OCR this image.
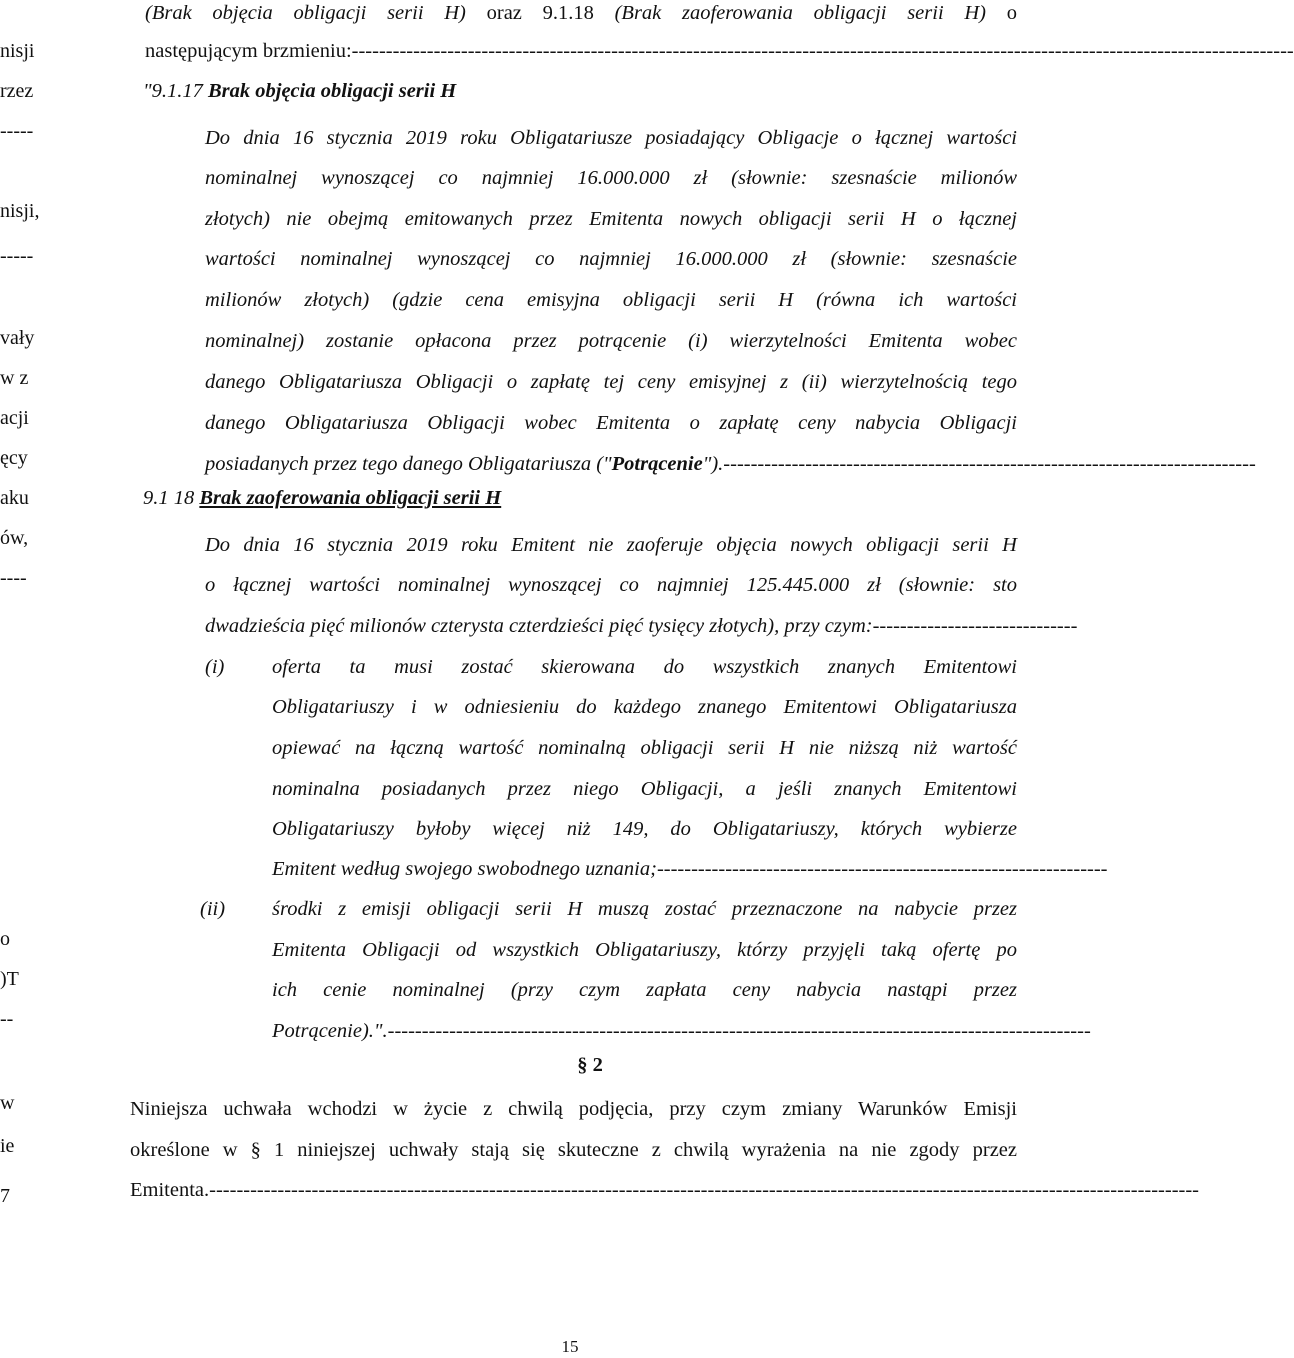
nisji
rzez
-----
nisji,
-----
vały
w z
acji
ęcy
aku
ów,
----
o
)T
--
w
ie
7
(Brak objęcia obligacji serii H) oraz 9.1.18 (Brak zaoferowania obligacji serii H) o
następującym brzmieniu: ------------------------------------------------------------------------------------------------------------------------------------------
"9.1.17 Brak objęcia obligacji serii H
Do dnia 16 stycznia 2019 roku Obligatariusze posiadający Obligacje o łącznej wartości
nominalnej wynoszącej co najmniej 16.000.000 zł (słownie: szesnaście milionów
złotych) nie obejmą emitowanych przez Emitenta nowych obligacji serii H o łącznej
wartości nominalnej wynoszącej co najmniej 16.000.000 zł (słownie: szesnaście
milionów złotych) (gdzie cena emisyjna obligacji serii H (równa ich wartości
nominalnej) zostanie opłacona przez potrącenie (i) wierzytelności Emitenta wobec
danego Obligatariusza Obligacji o zapłatę tej ceny emisyjnej z (ii) wierzytelnością tego
danego Obligatariusza Obligacji wobec Emitenta o zapłatę ceny nabycia Obligacji
posiadanych przez tego danego Obligatariusza (" Potrącenie "). ------------------------------------------------------------------------------
9.1 18 Brak zaoferowania obligacji serii H
Do dnia 16 stycznia 2019 roku Emitent nie zaoferuje objęcia nowych obligacji serii H
o łącznej wartości nominalnej wynoszącej co najmniej 125.445.000 zł (słownie: sto
dwadzieścia pięć milionów czterysta czterdzieści pięć tysięcy złotych), przy czym: ------------------------------
(i) oferta ta musi zostać skierowana do wszystkich znanych Emitentowi
Obligatariuszy i w odniesieniu do każdego znanego Emitentowi Obligatariusza
opiewać na łączną wartość nominalną obligacji serii H nie niższą niż wartość
nominalna posiadanych przez niego Obligacji, a jeśli znanych Emitentowi
Obligatariuszy byłoby więcej niż 149, do Obligatariuszy, których wybierze
Emitent według swojego swobodnego uznania; ------------------------------------------------------------------
(ii) środki z emisji obligacji serii H muszą zostać przeznaczone na nabycie przez
Emitenta Obligacji od wszystkich Obligatariuszy, którzy przyjęli taką ofertę po
ich cenie nominalnej (przy czym zapłata ceny nabycia nastąpi przez
Potrącenie).". -------------------------------------------------------------------------------------------------------
§ 2
Niniejsza uchwała wchodzi w życie z chwilą podjęcia, przy czym zmiany Warunków Emisji
określone w § 1 niniejszej uchwały stają się skuteczne z chwilą wyrażenia na nie zgody przez
Emitenta. -------------------------------------------------------------------------------------------------------------------------------------------------
15
